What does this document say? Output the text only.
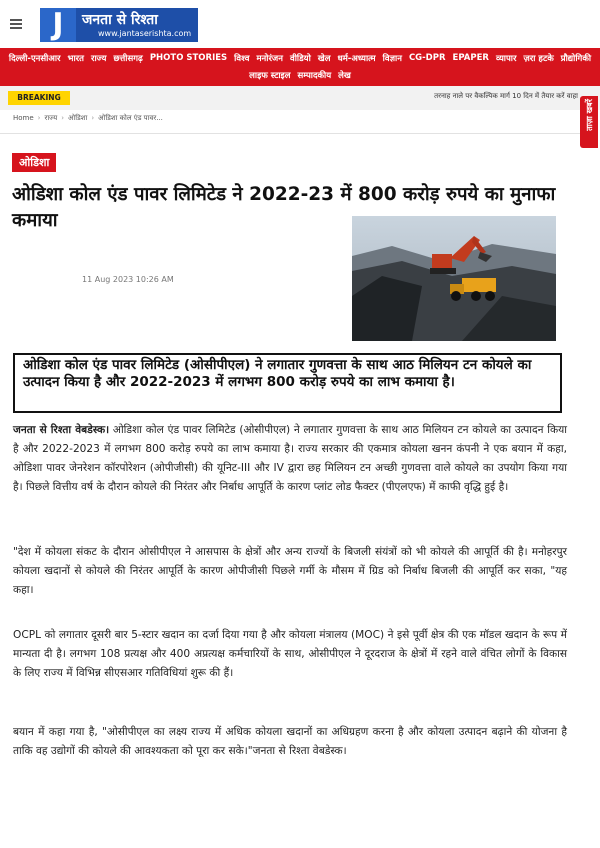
J	जनता से रिश्ता
www.jantaserishta.com
दिल्ली-एनसीआर भारत राज्य छत्तीसगढ़ PHOTO STORIES विश्व मनोरंजन वीडियो खेल धर्म-अध्यात्म विज्ञान CG-DPR EPAPER व्यापार ज़रा हटके प्रौद्योगिकी
लाइफ स्टाइल सम्पादकीय लेख
BREAKING	तरनाह नाले पर वैकल्पिक मार्ग 10 दिन में तैयार करें वाहा
ताज़ा खबरें
Home › राज्य › ओडिशा › ओडिशा कोल एंड पावर...
ओडिशा
ओडिशा कोल एंड पावर लिमिटेड ने 2022-23 में 800 करोड़ रुपये का मुनाफा कमाया
11 Aug 2023 10:26 AM
ओडिशा कोल एंड पावर लिमिटेड (ओसीपीएल) ने लगातार गुणवत्ता के साथ आठ मिलियन टन कोयले का उत्पादन किया है और 2022-2023 में लगभग 800 करोड़ रुपये का लाभ कमाया है।

जनता से रिश्ता वेबडेस्क। ओडिशा कोल एंड पावर लिमिटेड (ओसीपीएल) ने लगातार गुणवत्ता के साथ आठ मिलियन टन कोयले का उत्पादन किया है और 2022-2023 में लगभग 800 करोड़ रुपये का लाभ कमाया है। राज्य सरकार की एकमात्र कोयला खनन कंपनी ने एक बयान में कहा, ओडिशा पावर जेनरेशन कॉरपोरेशन (ओपीजीसी) की यूनिट-III और IV द्वारा छह मिलियन टन अच्छी गुणवत्ता वाले कोयले का उपयोग किया गया है। पिछले वित्तीय वर्ष के दौरान कोयले की निरंतर और निर्बाध आपूर्ति के कारण प्लांट लोड फैक्टर (पीएलएफ) में काफी वृद्धि हुई है।

"देश में कोयला संकट के दौरान ओसीपीएल ने आसपास के क्षेत्रों और अन्य राज्यों के बिजली संयंत्रों को भी कोयले की आपूर्ति की है। मनोहरपुर कोयला खदानों से कोयले की निरंतर आपूर्ति के कारण ओपीजीसी पिछले गर्मी के मौसम में ग्रिड को निर्बाध बिजली की आपूर्ति कर सका, "यह कहा।

OCPL को लगातार दूसरी बार 5-स्टार खदान का दर्जा दिया गया है और कोयला मंत्रालय (MOC) ने इसे पूर्वी क्षेत्र की एक मॉडल खदान के रूप में मान्यता दी है। लगभग 108 प्रत्यक्ष और 400 अप्रत्यक्ष कर्मचारियों के साथ, ओसीपीएल ने दूरदराज के क्षेत्रों में रहने वाले वंचित लोगों के विकास के लिए राज्य में विभिन्न सीएसआर गतिविधियां शुरू की हैं।

बयान में कहा गया है, "ओसीपीएल का लक्ष्य राज्य में अधिक कोयला खदानों का अधिग्रहण करना है और कोयला उत्पादन बढ़ाने की योजना है ताकि वह उद्योगों की कोयले की आवश्यकता को पूरा कर सके।"जनता से रिश्ता वेबडेस्क।
